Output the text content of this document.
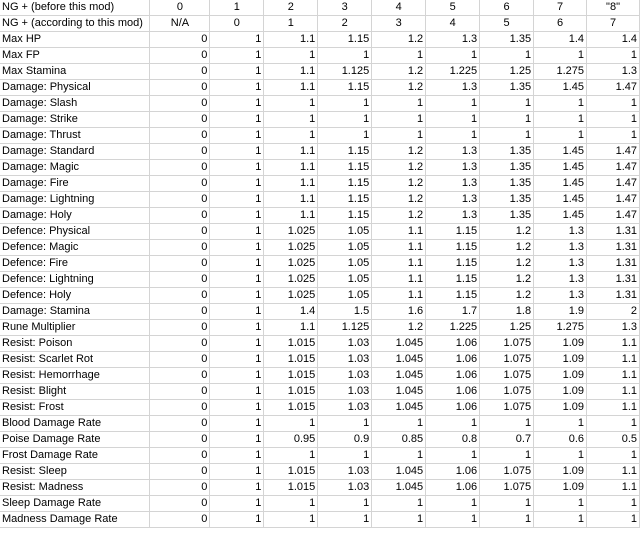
NG + (before this mod)	0	1	2	3	4	5	6	7	"8"
NG + (according to this mod)	N/A	0	1	2	3	4	5	6	7
Max HP	0	1	1.1	1.15	1.2	1.3	1.35	1.4	1.4
Max FP	0	1	1	1	1	1	1	1	1
Max Stamina	0	1	1.1	1.125	1.2	1.225	1.25	1.275	1.3
Damage: Physical	0	1	1.1	1.15	1.2	1.3	1.35	1.45	1.47
Damage: Slash	0	1	1	1	1	1	1	1	1
Damage: Strike	0	1	1	1	1	1	1	1	1
Damage: Thrust	0	1	1	1	1	1	1	1	1
Damage: Standard	0	1	1.1	1.15	1.2	1.3	1.35	1.45	1.47
Damage: Magic	0	1	1.1	1.15	1.2	1.3	1.35	1.45	1.47
Damage: Fire	0	1	1.1	1.15	1.2	1.3	1.35	1.45	1.47
Damage: Lightning	0	1	1.1	1.15	1.2	1.3	1.35	1.45	1.47
Damage: Holy	0	1	1.1	1.15	1.2	1.3	1.35	1.45	1.47
Defence: Physical	0	1	1.025	1.05	1.1	1.15	1.2	1.3	1.31
Defence: Magic	0	1	1.025	1.05	1.1	1.15	1.2	1.3	1.31
Defence: Fire	0	1	1.025	1.05	1.1	1.15	1.2	1.3	1.31
Defence: Lightning	0	1	1.025	1.05	1.1	1.15	1.2	1.3	1.31
Defence: Holy	0	1	1.025	1.05	1.1	1.15	1.2	1.3	1.31
Damage: Stamina	0	1	1.4	1.5	1.6	1.7	1.8	1.9	2
Rune Multiplier	0	1	1.1	1.125	1.2	1.225	1.25	1.275	1.3
Resist: Poison	0	1	1.015	1.03	1.045	1.06	1.075	1.09	1.1
Resist: Scarlet Rot	0	1	1.015	1.03	1.045	1.06	1.075	1.09	1.1
Resist: Hemorrhage	0	1	1.015	1.03	1.045	1.06	1.075	1.09	1.1
Resist: Blight	0	1	1.015	1.03	1.045	1.06	1.075	1.09	1.1
Resist: Frost	0	1	1.015	1.03	1.045	1.06	1.075	1.09	1.1
Blood Damage Rate	0	1	1	1	1	1	1	1	1
Poise Damage Rate	0	1	0.95	0.9	0.85	0.8	0.7	0.6	0.5
Frost Damage Rate	0	1	1	1	1	1	1	1	1
Resist: Sleep	0	1	1.015	1.03	1.045	1.06	1.075	1.09	1.1
Resist: Madness	0	1	1.015	1.03	1.045	1.06	1.075	1.09	1.1
Sleep Damage Rate	0	1	1	1	1	1	1	1	1
Madness Damage Rate	0	1	1	1	1	1	1	1	1
